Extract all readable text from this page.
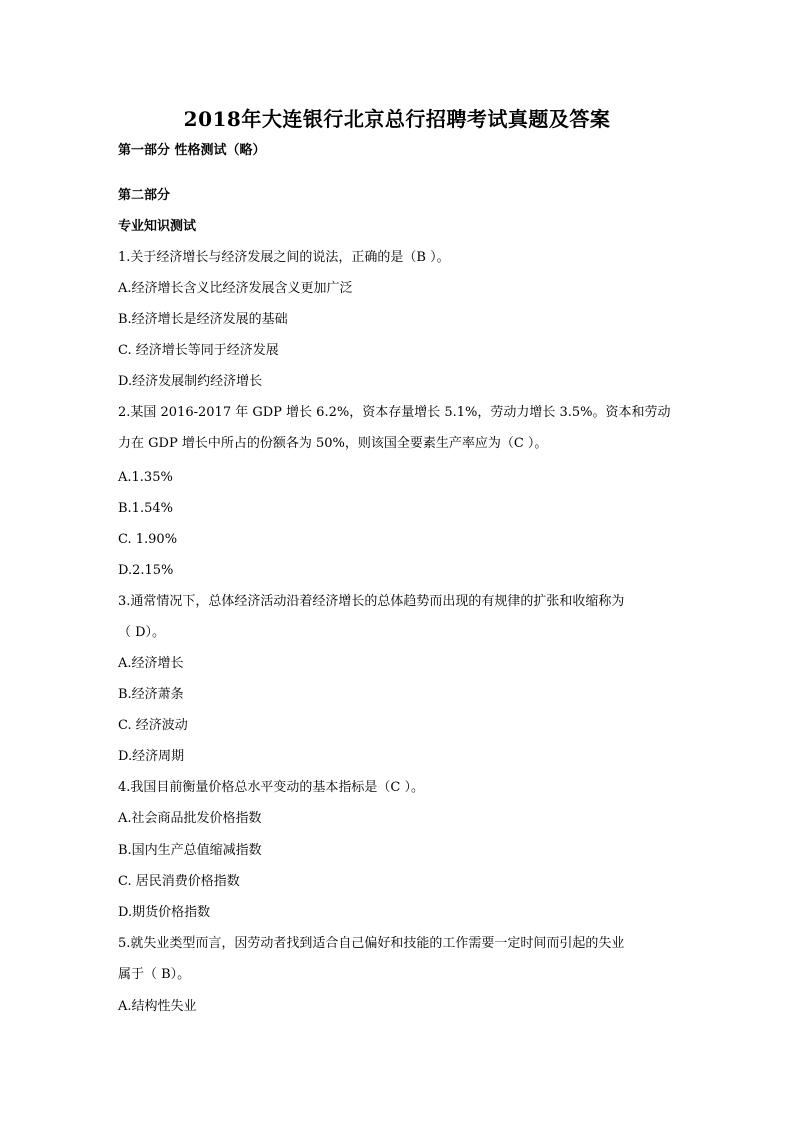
2018年大连银行北京总行招聘考试真题及答案
第一部分 性格测试（略）
第二部分
专业知识测试
1.关于经济增长与经济发展之间的说法，正确的是（B ）。
A.经济增长含义比经济发展含义更加广泛
B.经济增长是经济发展的基础
C. 经济增长等同于经济发展
D.经济发展制约经济增长
2.某国 2016-2017 年 GDP 增长 6.2%，资本存量增长 5.1%，劳动力增长 3.5%。资本和劳动
力在 GDP 增长中所占的份额各为 50%，则该国全要素生产率应为（C ）。
A.1.35%
B.1.54%
C. 1.90%
D.2.15%
3.通常情况下，总体经济活动沿着经济增长的总体趋势而出现的有规律的扩张和收缩称为
（ D）。
A.经济增长
B.经济萧条
C. 经济波动
D.经济周期
4.我国目前衡量价格总水平变动的基本指标是（C ）。
A.社会商品批发价格指数
B.国内生产总值缩减指数
C. 居民消费价格指数
D.期货价格指数
5.就失业类型而言，因劳动者找到适合自己偏好和技能的工作需要一定时间而引起的失业
属于（ B）。
A.结构性失业
